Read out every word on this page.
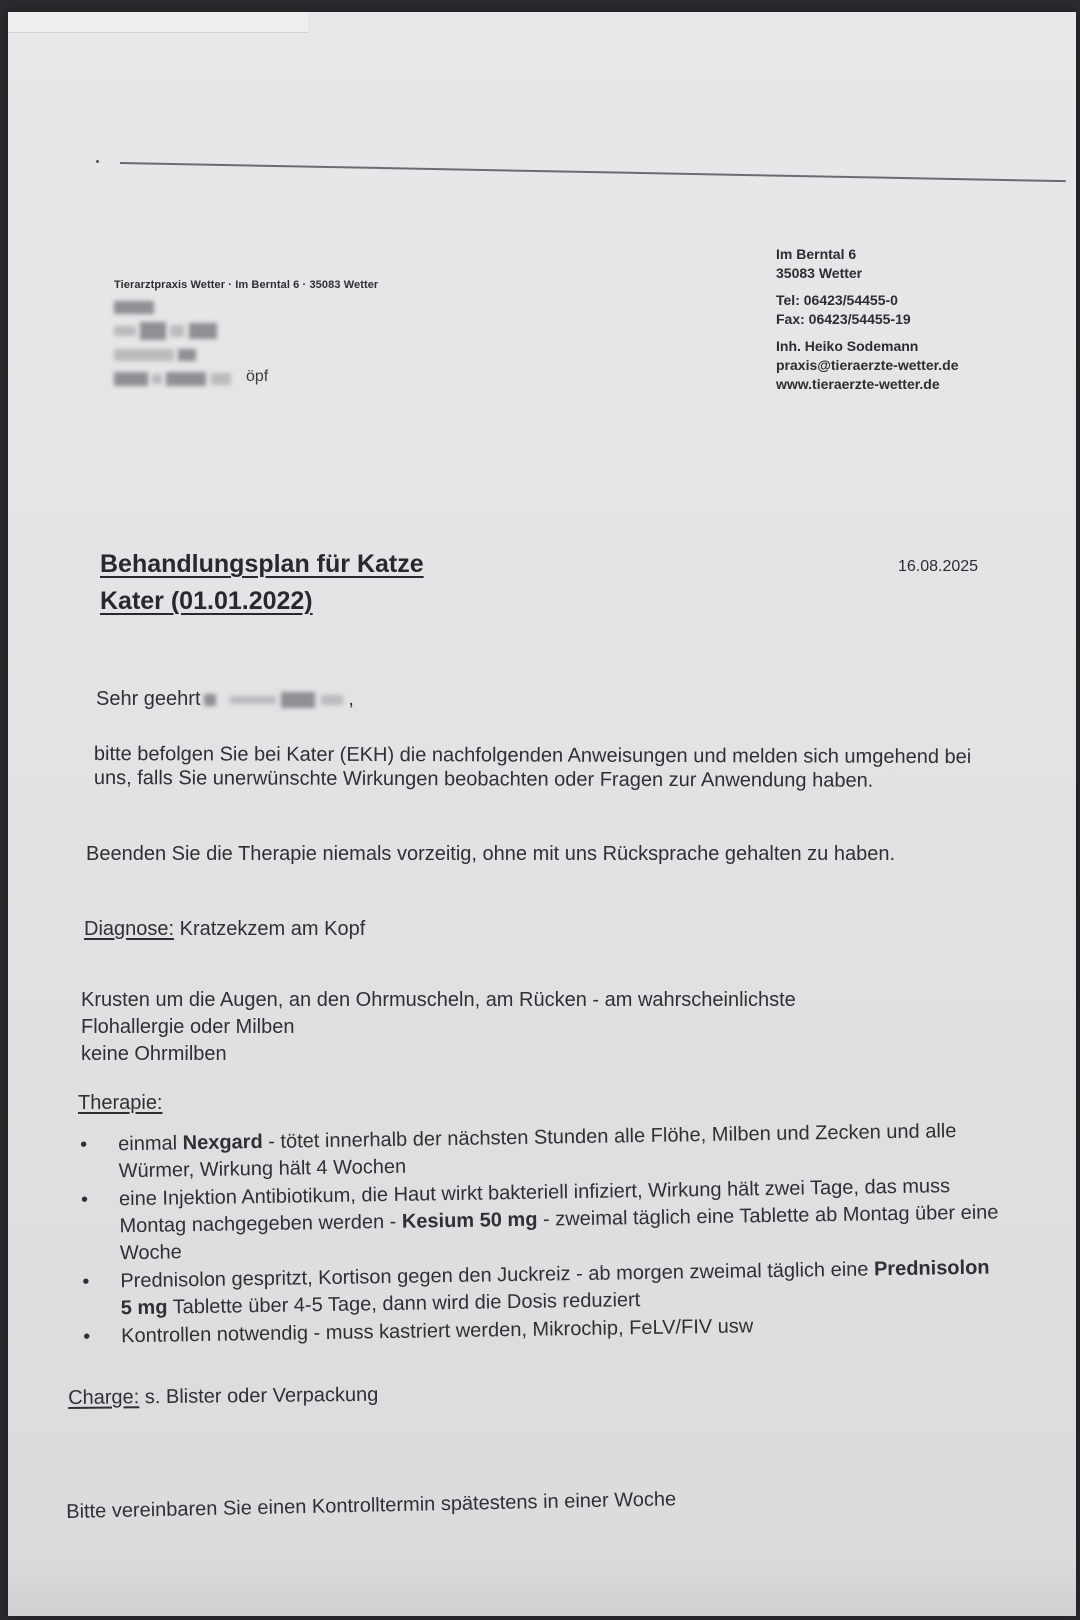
Tierarztpraxis Wetter · Im Berntal 6 · 35083 Wetter

öpf
Im Berntal 6
35083 Wetter
Tel: 06423/54455-0
Fax: 06423/54455-19
Inh. Heiko Sodemann
praxis@tieraerzte-wetter.de
www.tieraerzte-wetter.de
Behandlungsplan für Katze
Kater (01.01.2022)
16.08.2025
Sehr geehrt	,
bitte befolgen Sie bei Kater (EKH) die nachfolgenden Anweisungen und melden sich umgehend bei uns, falls Sie unerwünschte Wirkungen beobachten oder Fragen zur Anwendung haben.
Beenden Sie die Therapie niemals vorzeitig, ohne mit uns Rücksprache gehalten zu haben.
Diagnose: Kratzekzem am Kopf
Krusten um die Augen, an den Ohrmuscheln, am Rücken - am wahrscheinlichste
Flohallergie oder Milben
keine Ohrmilben
Therapie:
• einmal Nexgard - tötet innerhalb der nächsten Stunden alle Flöhe, Milben und Zecken und alle Würmer, Wirkung hält 4 Wochen
• eine Injektion Antibiotikum, die Haut wirkt bakteriell infiziert, Wirkung hält zwei Tage, das muss Montag nachgegeben werden - Kesium 50 mg - zweimal täglich eine Tablette ab Montag über eine Woche
• Prednisolon gespritzt, Kortison gegen den Juckreiz - ab morgen zweimal täglich eine Prednisolon 5 mg Tablette über 4-5 Tage, dann wird die Dosis reduziert
• Kontrollen notwendig - muss kastriert werden, Mikrochip, FeLV/FIV usw
Charge: s. Blister oder Verpackung
Bitte vereinbaren Sie einen Kontrolltermin spätestens in einer Woche
